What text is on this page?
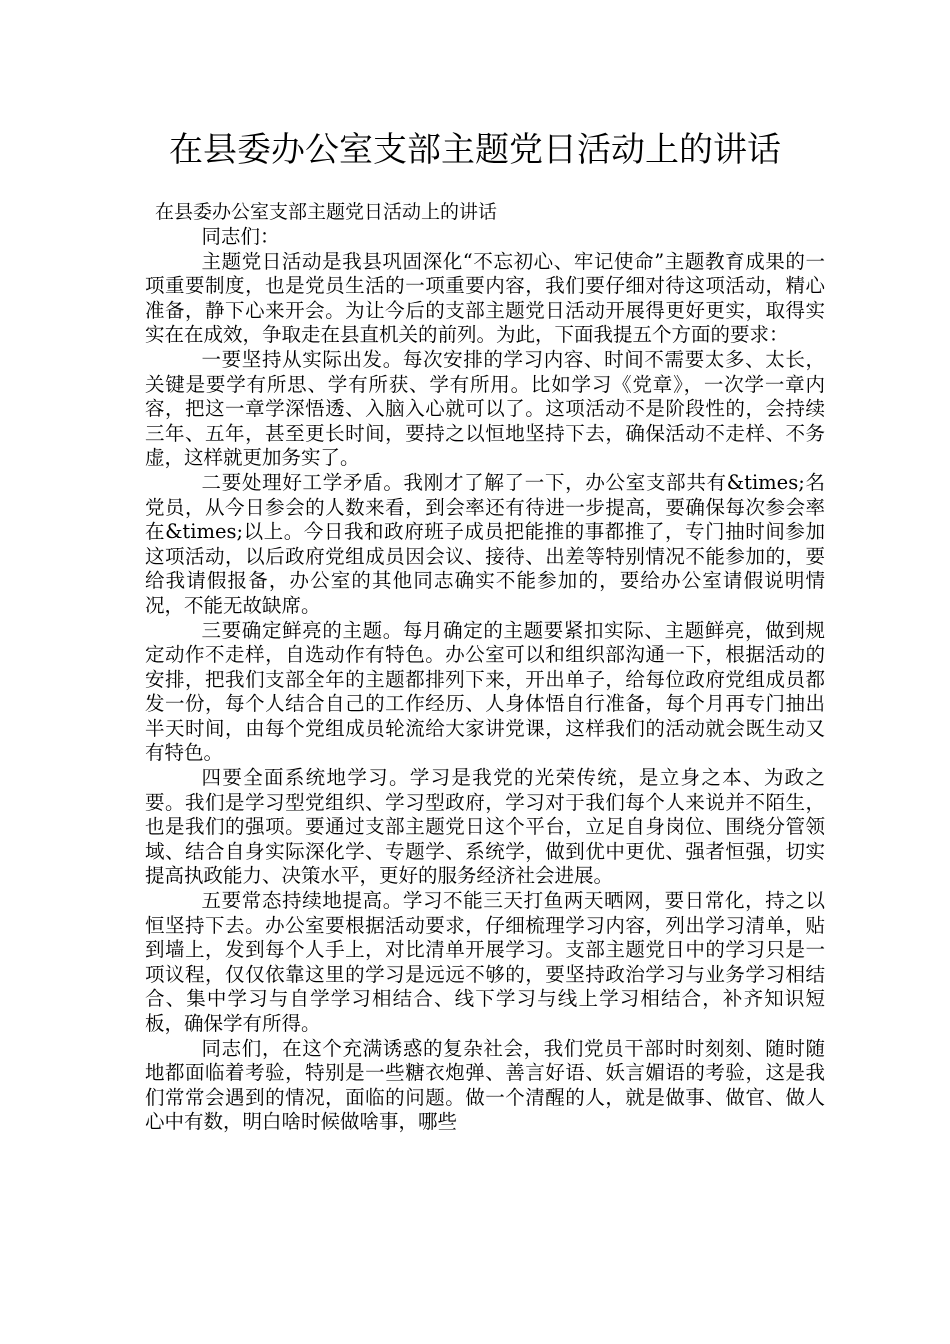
在县委办公室支部主题党日活动上的讲话
在县委办公室支部主题党日活动上的讲话

同志们：

主题党日活动是我县巩固深化“不忘初心、牢记使命”主题教育成果的一项重要制度，也是党员生活的一项重要内容，我们要仔细对待这项活动，精心准备，静下心来开会。为让今后的支部主题党日活动开展得更好更实，取得实实在在成效，争取走在县直机关的前列。为此，下面我提五个方面的要求：

一要坚持从实际出发。每次安排的学习内容、时间不需要太多、太长，关键是要学有所思、学有所获、学有所用。比如学习《党章》，一次学一章内容，把这一章学深悟透、入脑入心就可以了。这项活动不是阶段性的，会持续三年、五年，甚至更长时间，要持之以恒地坚持下去，确保活动不走样、不务虚，这样就更加务实了。

二要处理好工学矛盾。我刚才了解了一下，办公室支部共有&times;名党员，从今日参会的人数来看，到会率还有待进一步提高，要确保每次参会率在&times;以上。今日我和政府班子成员把能推的事都推了，专门抽时间参加这项活动，以后政府党组成员因会议、接待、出差等特别情况不能参加的，要给我请假报备，办公室的其他同志确实不能参加的，要给办公室请假说明情况，不能无故缺席。

三要确定鲜亮的主题。每月确定的主题要紧扣实际、主题鲜亮，做到规定动作不走样，自选动作有特色。办公室可以和组织部沟通一下，根据活动的安排，把我们支部全年的主题都排列下来，开出单子，给每位政府党组成员都发一份，每个人结合自己的工作经历、人身体悟自行准备，每个月再专门抽出半天时间，由每个党组成员轮流给大家讲党课，这样我们的活动就会既生动又有特色。

四要全面系统地学习。学习是我党的光荣传统，是立身之本、为政之要。我们是学习型党组织、学习型政府，学习对于我们每个人来说并不陌生，也是我们的强项。要通过支部主题党日这个平台，立足自身岗位、围绕分管领域、结合自身实际深化学、专题学、系统学，做到优中更优、强者恒强，切实提高执政能力、决策水平，更好的服务经济社会进展。

五要常态持续地提高。学习不能三天打鱼两天晒网，要日常化，持之以恒坚持下去。办公室要根据活动要求，仔细梳理学习内容，列出学习清单，贴到墙上，发到每个人手上，对比清单开展学习。支部主题党日中的学习只是一项议程，仅仅依靠这里的学习是远远不够的，要坚持政治学习与业务学习相结合、集中学习与自学学习相结合、线下学习与线上学习相结合，补齐知识短板，确保学有所得。

同志们，在这个充满诱惑的复杂社会，我们党员干部时时刻刻、随时随地都面临着考验，特别是一些糖衣炮弹、善言好语、妖言媚语的考验，这是我们常常会遇到的情况，面临的问题。做一个清醒的人，就是做事、做官、做人心中有数，明白啥时候做啥事，哪些
